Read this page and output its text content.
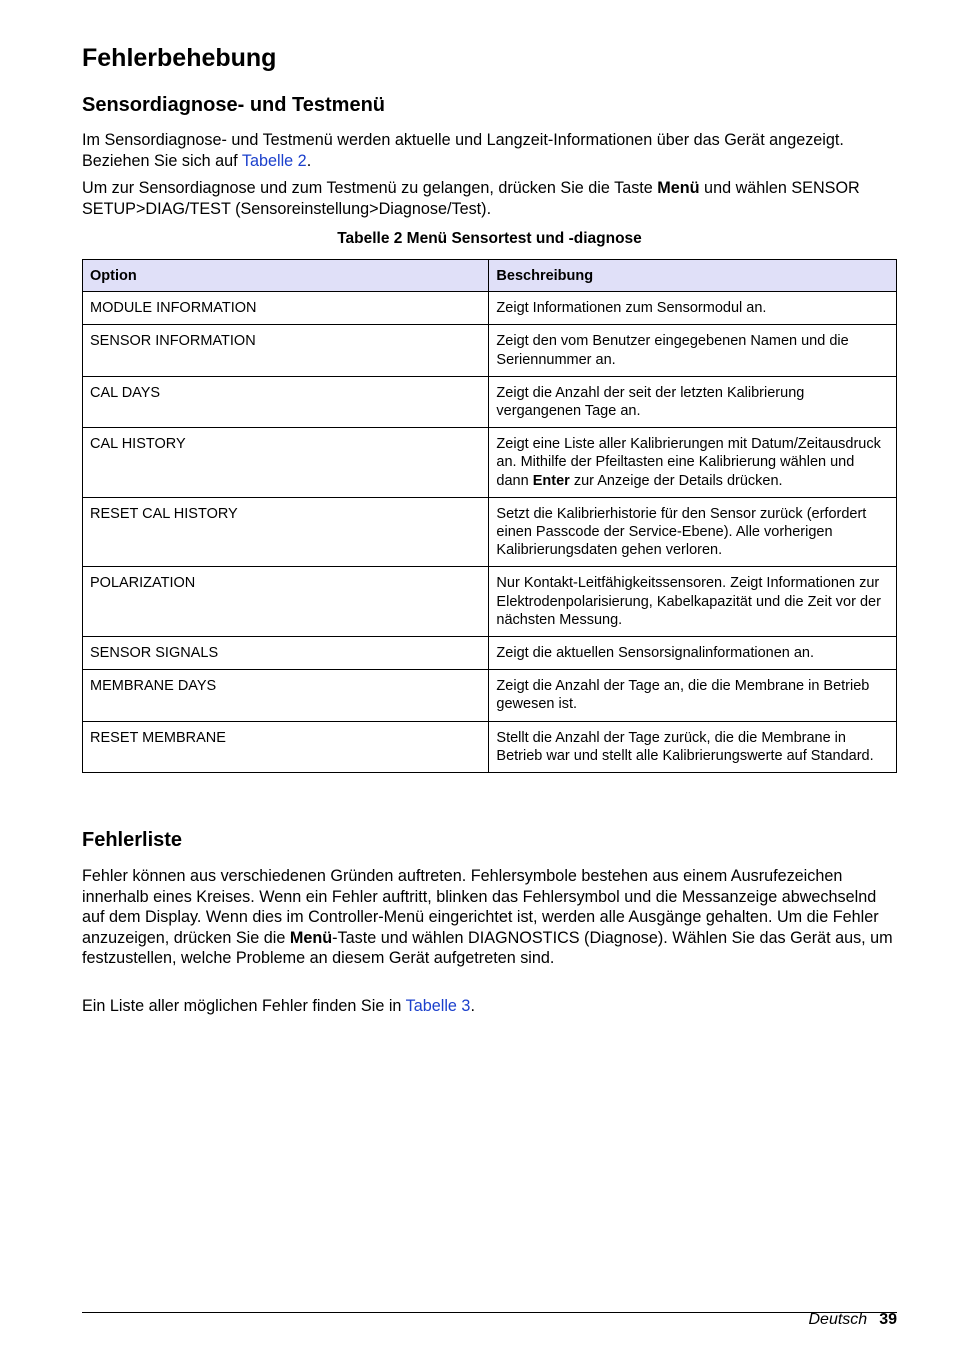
Fehlerbehebung
Sensordiagnose- und Testmenü

Im Sensordiagnose- und Testmenü werden aktuelle und Langzeit-Informationen über das Gerät angezeigt. Beziehen Sie sich auf Tabelle 2.

Um zur Sensordiagnose und zum Testmenü zu gelangen, drücken Sie die Taste Menü und wählen SENSOR SETUP>DIAG/TEST (Sensoreinstellung>Diagnose/Test).

Tabelle 2 Menü Sensortest und -diagnose
Option	Beschreibung
MODULE INFORMATION	Zeigt Informationen zum Sensormodul an.
SENSOR INFORMATION	Zeigt den vom Benutzer eingegebenen Namen und die Seriennummer an.
CAL DAYS	Zeigt die Anzahl der seit der letzten Kalibrierung vergangenen Tage an.
CAL HISTORY	Zeigt eine Liste aller Kalibrierungen mit Datum/Zeitausdruck an. Mithilfe der Pfeiltasten eine Kalibrierung wählen und dann Enter zur Anzeige der Details drücken.
RESET CAL HISTORY	Setzt die Kalibrierhistorie für den Sensor zurück (erfordert einen Passcode der Service-Ebene). Alle vorherigen Kalibrierungsdaten gehen verloren.
POLARIZATION	Nur Kontakt-Leitfähigkeitssensoren. Zeigt Informationen zur Elektrodenpolarisierung, Kabelkapazität und die Zeit vor der nächsten Messung.
SENSOR SIGNALS	Zeigt die aktuellen Sensorsignalinformationen an.
MEMBRANE DAYS	Zeigt die Anzahl der Tage an, die die Membrane in Betrieb gewesen ist.
RESET MEMBRANE	Stellt die Anzahl der Tage zurück, die die Membrane in Betrieb war und stellt alle Kalibrierungswerte auf Standard.
Fehlerliste

Fehler können aus verschiedenen Gründen auftreten. Fehlersymbole bestehen aus einem Ausrufezeichen innerhalb eines Kreises. Wenn ein Fehler auftritt, blinken das Fehlersymbol und die Messanzeige abwechselnd auf dem Display. Wenn dies im Controller-Menü eingerichtet ist, werden alle Ausgänge gehalten. Um die Fehler anzuzeigen, drücken Sie die Menü-Taste und wählen DIAGNOSTICS (Diagnose). Wählen Sie das Gerät aus, um festzustellen, welche Probleme an diesem Gerät aufgetreten sind.

Ein Liste aller möglichen Fehler finden Sie in Tabelle 3.

Deutsch 39
